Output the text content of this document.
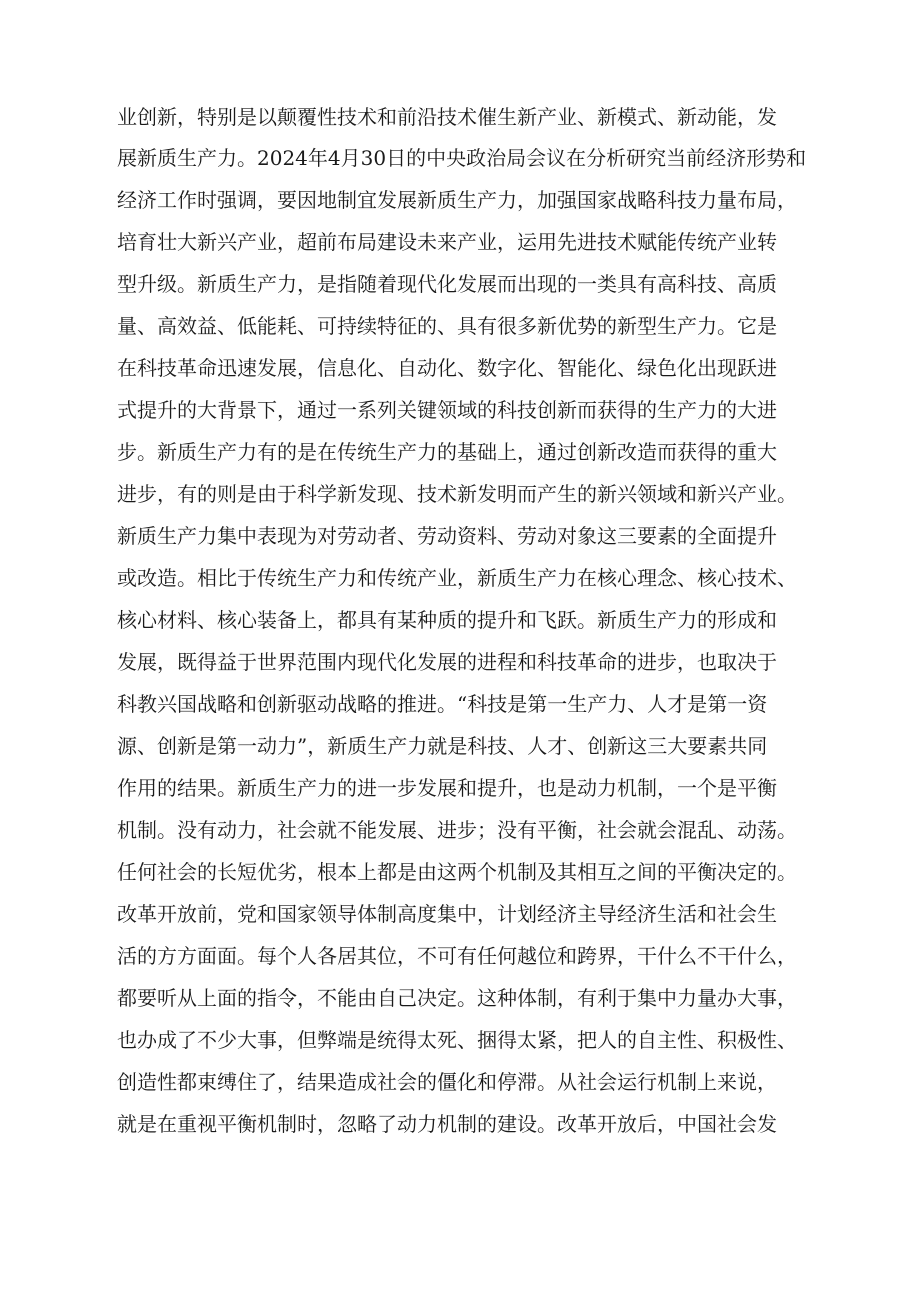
业创新，特别是以颠覆性技术和前沿技术催生新产业、新模式、新动能，发
展新质生产力。2024年4月30日的中央政治局会议在分析研究当前经济形势和
经济工作时强调，要因地制宜发展新质生产力，加强国家战略科技力量布局，
培育壮大新兴产业，超前布局建设未来产业，运用先进技术赋能传统产业转
型升级。新质生产力，是指随着现代化发展而出现的一类具有高科技、高质
量、高效益、低能耗、可持续特征的、具有很多新优势的新型生产力。它是
在科技革命迅速发展，信息化、自动化、数字化、智能化、绿色化出现跃进
式提升的大背景下，通过一系列关键领域的科技创新而获得的生产力的大进
步。新质生产力有的是在传统生产力的基础上，通过创新改造而获得的重大
进步，有的则是由于科学新发现、技术新发明而产生的新兴领域和新兴产业。
新质生产力集中表现为对劳动者、劳动资料、劳动对象这三要素的全面提升
或改造。相比于传统生产力和传统产业，新质生产力在核心理念、核心技术、
核心材料、核心装备上，都具有某种质的提升和飞跃。新质生产力的形成和
发展，既得益于世界范围内现代化发展的进程和科技革命的进步，也取决于
科教兴国战略和创新驱动战略的推进。“科技是第一生产力、人才是第一资
源、创新是第一动力”，新质生产力就是科技、人才、创新这三大要素共同
作用的结果。新质生产力的进一步发展和提升，也是动力机制，一个是平衡
机制。没有动力，社会就不能发展、进步；没有平衡，社会就会混乱、动荡。
任何社会的长短优劣，根本上都是由这两个机制及其相互之间的平衡决定的。
改革开放前，党和国家领导体制高度集中，计划经济主导经济生活和社会生
活的方方面面。每个人各居其位，不可有任何越位和跨界，干什么不干什么，
都要听从上面的指令，不能由自己决定。这种体制，有利于集中力量办大事，
也办成了不少大事，但弊端是统得太死、捆得太紧，把人的自主性、积极性、
创造性都束缚住了，结果造成社会的僵化和停滞。从社会运行机制上来说，
就是在重视平衡机制时，忽略了动力机制的建设。改革开放后，中国社会发
